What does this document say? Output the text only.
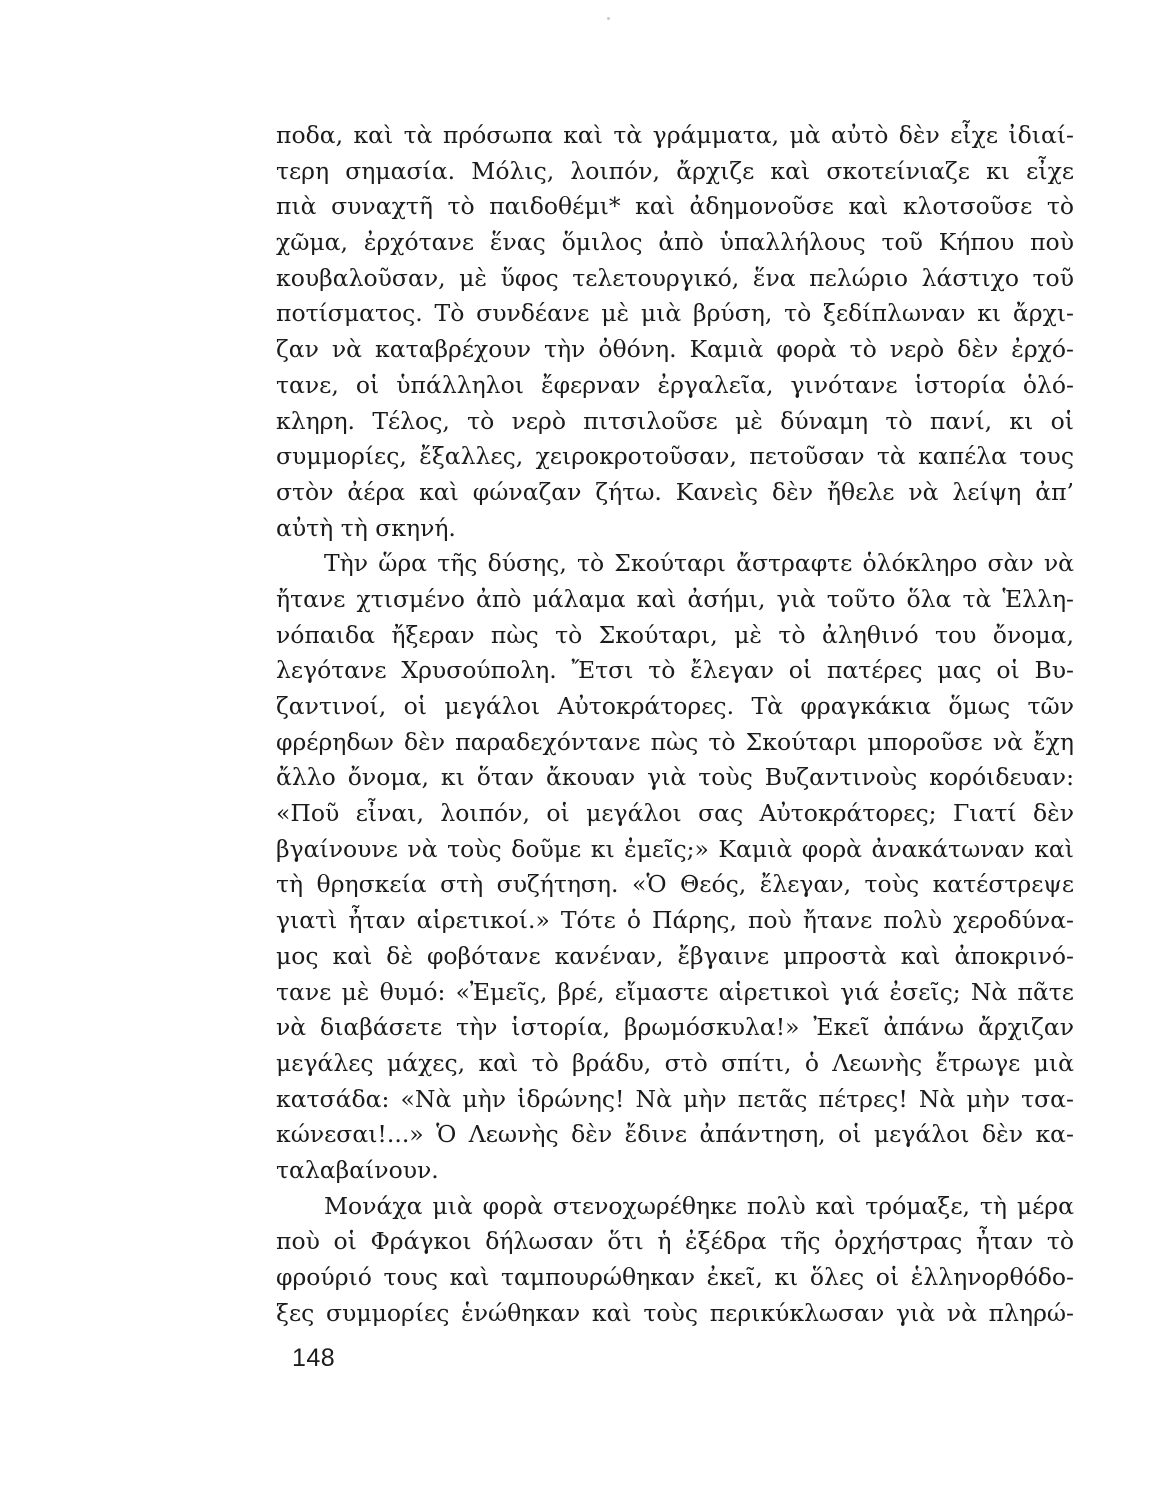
ποδα, καὶ τὰ πρόσωπα καὶ τὰ γράμματα, μὰ αὐτὸ δὲν εἶχε ἰδιαί-
τερη σημασία. Μόλις, λοιπόν, ἄρχιζε καὶ σκοτείνιαζε κι εἶχε
πιὰ συναχτῆ τὸ παιδοθέμι* καὶ ἀδημονοῦσε καὶ κλοτσοῦσε τὸ
χῶμα, ἐρχότανε ἕνας ὅμιλος ἀπὸ ὑπαλλήλους τοῦ Κήπου ποὺ
κουβαλοῦσαν, μὲ ὕφος τελετουργικό, ἕνα πελώριο λάστιχο τοῦ
ποτίσματος. Τὸ συνδέανε μὲ μιὰ βρύση, τὸ ξεδίπλωναν κι ἄρχι-
ζαν νὰ καταβρέχουν τὴν ὀθόνη. Καμιὰ φορὰ τὸ νερὸ δὲν ἐρχό-
τανε, οἱ ὑπάλληλοι ἔφερναν ἐργαλεῖα, γινότανε ἱστορία ὁλό-
κληρη. Τέλος, τὸ νερὸ πιτσιλοῦσε μὲ δύναμη τὸ πανί, κι οἱ
συμμορίες, ἔξαλλες, χειροκροτοῦσαν, πετοῦσαν τὰ καπέλα τους
στὸν ἀέρα καὶ φώναζαν ζήτω. Κανεὶς δὲν ἤθελε νὰ λείψη ἀπ’
αὐτὴ τὴ σκηνή.
Τὴν ὥρα τῆς δύσης, τὸ Σκούταρι ἄστραφτε ὁλόκληρο σὰν νὰ
ἤτανε χτισμένο ἀπὸ μάλαμα καὶ ἀσήμι, γιὰ τοῦτο ὅλα τὰ Ἑλλη-
νόπαιδα ἤξεραν πὼς τὸ Σκούταρι, μὲ τὸ ἀληθινό του ὄνομα,
λεγότανε Χρυσούπολη. Ἔτσι τὸ ἔλεγαν οἱ πατέρες μας οἱ Βυ-
ζαντινοί, οἱ μεγάλοι Αὐτοκράτορες. Τὰ φραγκάκια ὅμως τῶν
φρέρηδων δὲν παραδεχόντανε πὼς τὸ Σκούταρι μποροῦσε νὰ ἔχη
ἄλλο ὄνομα, κι ὅταν ἄκουαν γιὰ τοὺς Βυζαντινοὺς κορόιδευαν:
«Ποῦ εἶναι, λοιπόν, οἱ μεγάλοι σας Αὐτοκράτορες; Γιατί δὲν
βγαίνουνε νὰ τοὺς δοῦμε κι ἐμεῖς;» Καμιὰ φορὰ ἀνακάτωναν καὶ
τὴ θρησκεία στὴ συζήτηση. «Ὁ Θεός, ἔλεγαν, τοὺς κατέστρεψε
γιατὶ ἦταν αἱρετικοί.» Τότε ὁ Πάρης, ποὺ ἤτανε πολὺ χεροδύνα-
μος καὶ δὲ φοβότανε κανέναν, ἔβγαινε μπροστὰ καὶ ἀποκρινό-
τανε μὲ θυμό: «Ἐμεῖς, βρέ, εἴμαστε αἱρετικοὶ γιά ἐσεῖς; Νὰ πᾶτε
νὰ διαβάσετε τὴν ἱστορία, βρωμόσκυλα!» Ἐκεῖ ἀπάνω ἄρχιζαν
μεγάλες μάχες, καὶ τὸ βράδυ, στὸ σπίτι, ὁ Λεωνὴς ἔτρωγε μιὰ
κατσάδα: «Νὰ μὴν ἱδρώνης! Νὰ μὴν πετᾶς πέτρες! Νὰ μὴν τσα-
κώνεσαι!...» Ὁ Λεωνὴς δὲν ἔδινε ἀπάντηση, οἱ μεγάλοι δὲν κα-
ταλαβαίνουν.
Μονάχα μιὰ φορὰ στενοχωρέθηκε πολὺ καὶ τρόμαξε, τὴ μέρα
ποὺ οἱ Φράγκοι δήλωσαν ὅτι ἡ ἐξέδρα τῆς ὀρχήστρας ἦταν τὸ
φρούριό τους καὶ ταμπουρώθηκαν ἐκεῖ, κι ὅλες οἱ ἑλληνορθόδο-
ξες συμμορίες ἑνώθηκαν καὶ τοὺς περικύκλωσαν γιὰ νὰ πληρώ-
148
